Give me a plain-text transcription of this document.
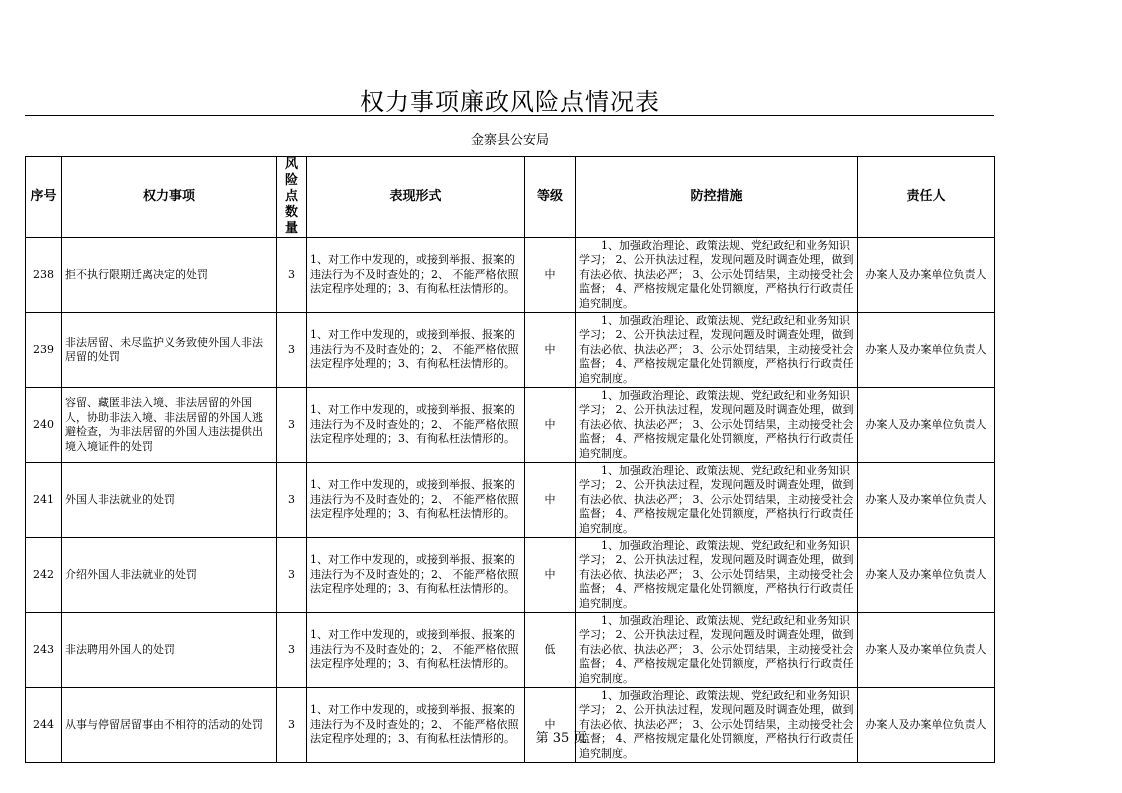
权力事项廉政风险点情况表
金寨县公安局
序号	权力事项	风险点数量	表现形式	等级	防控措施	责任人
238	拒不执行限期迁离决定的处罚	3	1、对工作中发现的，或接到举报、报案的违法行为不及时查处的；2、 不能严格依照法定程序处理的；3、有徇私枉法情形的。	中	1、加强政治理论、政策法规、党纪政纪和业务知识学习； 2、公开执法过程，发现问题及时调查处理，做到有法必依、执法必严； 3、公示处罚结果，主动接受社会监督； 4、严格按规定量化处罚额度，严格执行行政责任追究制度。	办案人及办案单位负责人
239	非法居留、未尽监护义务致使外国人非法居留的处罚	3	1、对工作中发现的，或接到举报、报案的违法行为不及时查处的；2、 不能严格依照法定程序处理的；3、有徇私枉法情形的。	中	1、加强政治理论、政策法规、党纪政纪和业务知识学习； 2、公开执法过程，发现问题及时调查处理，做到有法必依、执法必严； 3、公示处罚结果，主动接受社会监督； 4、严格按规定量化处罚额度，严格执行行政责任追究制度。	办案人及办案单位负责人
240	容留、藏匿非法入境、非法居留的外国人，协助非法入境、非法居留的外国人逃避检查，为非法居留的外国人违法提供出境入境证件的处罚	3	1、对工作中发现的，或接到举报、报案的违法行为不及时查处的；2、 不能严格依照法定程序处理的；3、有徇私枉法情形的。	中	1、加强政治理论、政策法规、党纪政纪和业务知识学习； 2、公开执法过程，发现问题及时调查处理，做到有法必依、执法必严； 3、公示处罚结果，主动接受社会监督； 4、严格按规定量化处罚额度，严格执行行政责任追究制度。	办案人及办案单位负责人
241	外国人非法就业的处罚	3	1、对工作中发现的，或接到举报、报案的违法行为不及时查处的；2、 不能严格依照法定程序处理的；3、有徇私枉法情形的。	中	1、加强政治理论、政策法规、党纪政纪和业务知识学习； 2、公开执法过程，发现问题及时调查处理，做到有法必依、执法必严； 3、公示处罚结果，主动接受社会监督； 4、严格按规定量化处罚额度，严格执行行政责任追究制度。	办案人及办案单位负责人
242	介绍外国人非法就业的处罚	3	1、对工作中发现的，或接到举报、报案的违法行为不及时查处的；2、 不能严格依照法定程序处理的；3、有徇私枉法情形的。	中	1、加强政治理论、政策法规、党纪政纪和业务知识学习； 2、公开执法过程，发现问题及时调查处理，做到有法必依、执法必严； 3、公示处罚结果，主动接受社会监督； 4、严格按规定量化处罚额度，严格执行行政责任追究制度。	办案人及办案单位负责人
243	非法聘用外国人的处罚	3	1、对工作中发现的，或接到举报、报案的违法行为不及时查处的；2、 不能严格依照法定程序处理的；3、有徇私枉法情形的。	低	1、加强政治理论、政策法规、党纪政纪和业务知识学习； 2、公开执法过程，发现问题及时调查处理，做到有法必依、执法必严； 3、公示处罚结果，主动接受社会监督； 4、严格按规定量化处罚额度，严格执行行政责任追究制度。	办案人及办案单位负责人
244	从事与停留居留事由不相符的活动的处罚	3	1、对工作中发现的，或接到举报、报案的违法行为不及时查处的；2、 不能严格依照法定程序处理的；3、有徇私枉法情形的。	中	1、加强政治理论、政策法规、党纪政纪和业务知识学习； 2、公开执法过程，发现问题及时调查处理，做到有法必依、执法必严； 3、公示处罚结果，主动接受社会监督； 4、严格按规定量化处罚额度，严格执行行政责任追究制度。	办案人及办案单位负责人
第 35 页
